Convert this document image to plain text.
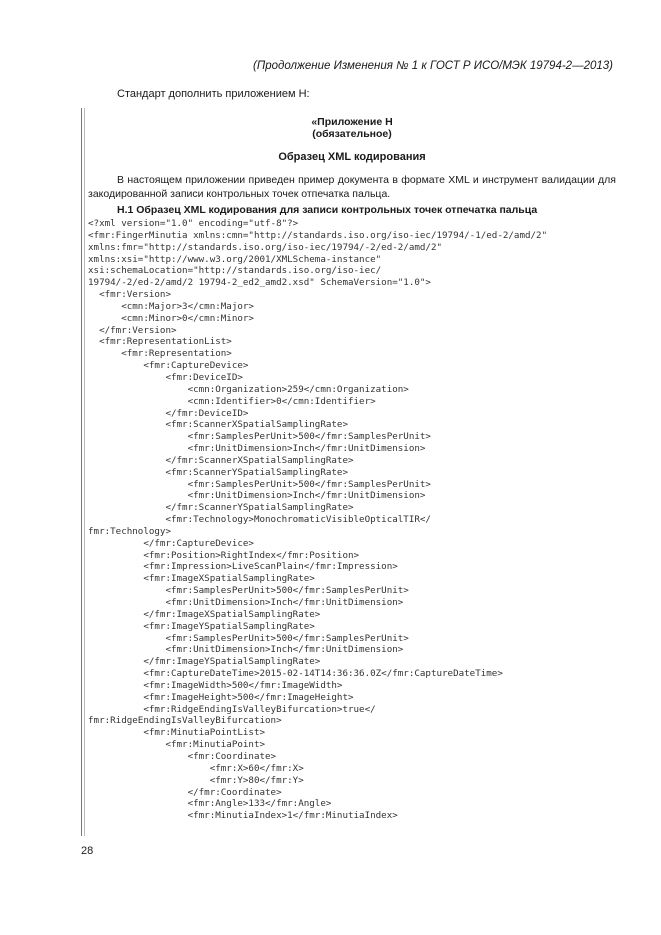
(Продолжение Изменения № 1 к ГОСТ Р ИСО/МЭК 19794-2—2013)
Стандарт дополнить приложением Н:
«Приложение Н
(обязательное)
Образец XML кодирования
В настоящем приложении приведен пример документа в формате XML и инструмент валидации для закодированной записи контрольных точек отпечатка пальца.
Н.1 Образец XML кодирования для записи контрольных точек отпечатка пальца
<?xml version="1.0" encoding="utf-8"?>
<fmr:FingerMinutia xmlns:cmn="http://standards.iso.org/iso-iec/19794/-1/ed-2/amd/2"
xmlns:fmr="http://standards.iso.org/iso-iec/19794/-2/ed-2/amd/2"
xmlns:xsi="http://www.w3.org/2001/XMLSchema-instance"
xsi:schemaLocation="http://standards.iso.org/iso-iec/
19794/-2/ed-2/amd/2 19794-2_ed2_amd2.xsd" SchemaVersion="1.0">
<fmr:Version>
<cmn:Major>3</cmn:Major>
<cmn:Minor>0</cmn:Minor>
</fmr:Version>
<fmr:RepresentationList>
<fmr:Representation>
<fmr:CaptureDevice>
<fmr:DeviceID>
<cmn:Organization>259</cmn:Organization>
<cmn:Identifier>0</cmn:Identifier>
</fmr:DeviceID>
<fmr:ScannerXSpatialSamplingRate>
<fmr:SamplesPerUnit>500</fmr:SamplesPerUnit>
<fmr:UnitDimension>Inch</fmr:UnitDimension>
</fmr:ScannerXSpatialSamplingRate>
<fmr:ScannerYSpatialSamplingRate>
<fmr:SamplesPerUnit>500</fmr:SamplesPerUnit>
<fmr:UnitDimension>Inch</fmr:UnitDimension>
</fmr:ScannerYSpatialSamplingRate>
<fmr:Technology>MonochromaticVisibleOpticalTIR</
fmr:Technology>
</fmr:CaptureDevice>
<fmr:Position>RightIndex</fmr:Position>
<fmr:Impression>LiveScanPlain</fmr:Impression>
<fmr:ImageXSpatialSamplingRate>
<fmr:SamplesPerUnit>500</fmr:SamplesPerUnit>
<fmr:UnitDimension>Inch</fmr:UnitDimension>
</fmr:ImageXSpatialSamplingRate>
<fmr:ImageYSpatialSamplingRate>
<fmr:SamplesPerUnit>500</fmr:SamplesPerUnit>
<fmr:UnitDimension>Inch</fmr:UnitDimension>
</fmr:ImageYSpatialSamplingRate>
<fmr:CaptureDateTime>2015-02-14T14:36:36.0Z</fmr:CaptureDateTime>
<fmr:ImageWidth>500</fmr:ImageWidth>
<fmr:ImageHeight>500</fmr:ImageHeight>
<fmr:RidgeEndingIsValleyBifurcation>true</
fmr:RidgeEndingIsValleyBifurcation>
<fmr:MinutiaPointList>
<fmr:MinutiaPoint>
<fmr:Coordinate>
<fmr:X>60</fmr:X>
<fmr:Y>80</fmr:Y>
</fmr:Coordinate>
<fmr:Angle>133</fmr:Angle>
<fmr:MinutiaIndex>1</fmr:MinutiaIndex>
28
